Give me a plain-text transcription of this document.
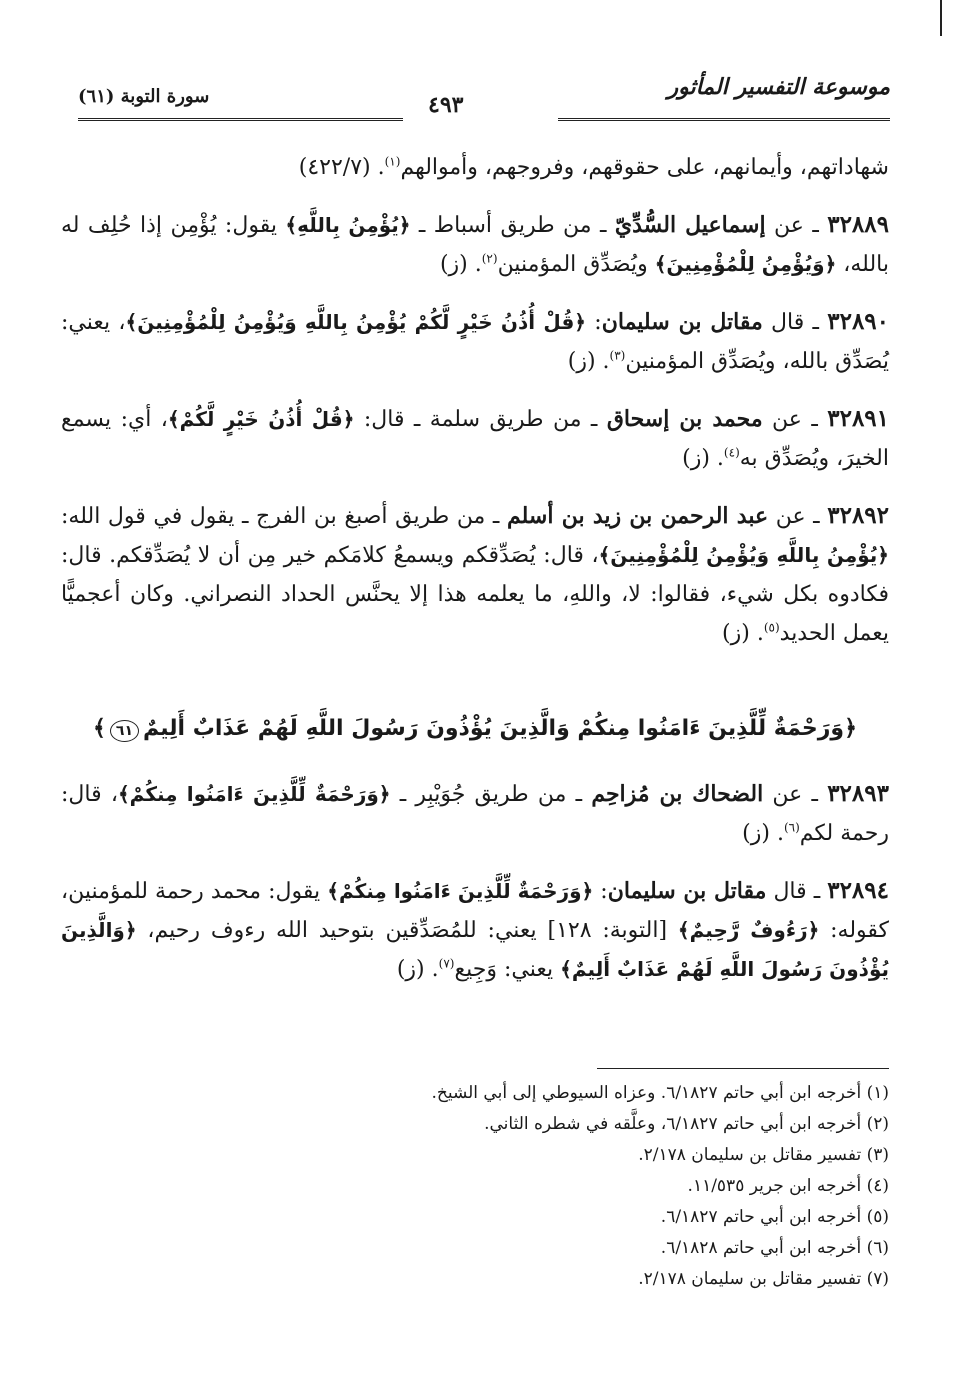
موسوعة التفسير المأثور
٤٩٣
سورة التوبة (٦١)

شهاداتهم، وأيمانهم، على حقوقهم، وفروجهم، وأموالهم$^{(١)}$. (٤٢٢/٧)

٣٢٨٨٩ ـ عن إسماعيل السُّدِّيّ ـ من طريق أسباط ـ ﴿يُؤْمِنُ بِاللَّهِ﴾ يقول: يُؤْمِن إذا حُلِف له بالله، ﴿وَيُؤْمِنُ لِلْمُؤْمِنِينَ﴾ ويُصَدِّق المؤمنين$^{(٢)}$. (ز)

٣٢٨٩٠ ـ قال مقاتل بن سليمان: ﴿قُلْ أُذُنُ خَيْرٍ لَّكُمْ يُؤْمِنُ بِاللَّهِ وَيُؤْمِنُ لِلْمُؤْمِنِينَ﴾، يعني: يُصَدِّق بالله، ويُصَدِّق المؤمنين$^{(٣)}$. (ز)

٣٢٨٩١ ـ عن محمد بن إسحاق ـ من طريق سلمة ـ قال: ﴿قُلْ أُذُنُ خَيْرٍ لَّكُمْ﴾، أي: يسمع الخيرَ، ويُصَدِّق به$^{(٤)}$. (ز)

٣٢٨٩٢ ـ عن عبد الرحمن بن زيد بن أسلم ـ من طريق أصبغ بن الفرج ـ يقول في قول الله: ﴿يُؤْمِنُ بِاللَّهِ وَيُؤْمِنُ لِلْمُؤْمِنِينَ﴾، قال: يُصَدِّقكم ويسمعُ كلامَكم خير مِن أن لا يُصَدِّقكم. قال: فكادوه بكل شيء، فقالوا: لا، واللهِ، ما يعلمه هذا إلا يحنَّس الحداد النصراني. وكان أعجميًّا يعمل الحديد$^{(٥)}$. (ز)

﴿وَرَحْمَةٌ لِّلَّذِينَ ءَامَنُوا مِنكُمْ وَالَّذِينَ يُؤْذُونَ رَسُولَ اللَّهِ لَهُمْ عَذَابٌ أَلِيمٌ٦١﴾

٣٢٨٩٣ ـ عن الضحاك بن مُزاحِم ـ من طريق جُوَيْبِر ـ ﴿وَرَحْمَةٌ لِّلَّذِينَ ءَامَنُوا مِنكُمْ﴾، قال: رحمة لكم$^{(٦)}$. (ز)

٣٢٨٩٤ ـ قال مقاتل بن سليمان: ﴿وَرَحْمَةٌ لِّلَّذِينَ ءَامَنُوا مِنكُمْ﴾ يقول: محمد رحمة للمؤمنين، كقوله: ﴿رَءُوفٌ رَّحِيمٌ﴾ [التوبة: ١٢٨] يعني: للمُصَدِّقين بتوحيد الله رءوف رحيم، ﴿وَالَّذِينَ يُؤْذُونَ رَسُولَ اللَّهِ لَهُمْ عَذَابٌ أَلِيمٌ﴾ يعني: وَجِيع$^{(٧)}$. (ز)

(١) أخرجه ابن أبي حاتم ٦/١٨٢٧. وعزاه السيوطي إلى أبي الشيخ.

(٢) أخرجه ابن أبي حاتم ٦/١٨٢٧، وعلَّقه في شطره الثاني.

(٣) تفسير مقاتل بن سليمان ٢/١٧٨.

(٤) أخرجه ابن جرير ١١/٥٣٥.

(٥) أخرجه ابن أبي حاتم ٦/١٨٢٧.

(٦) أخرجه ابن أبي حاتم ٦/١٨٢٨.

(٧) تفسير مقاتل بن سليمان ٢/١٧٨.
